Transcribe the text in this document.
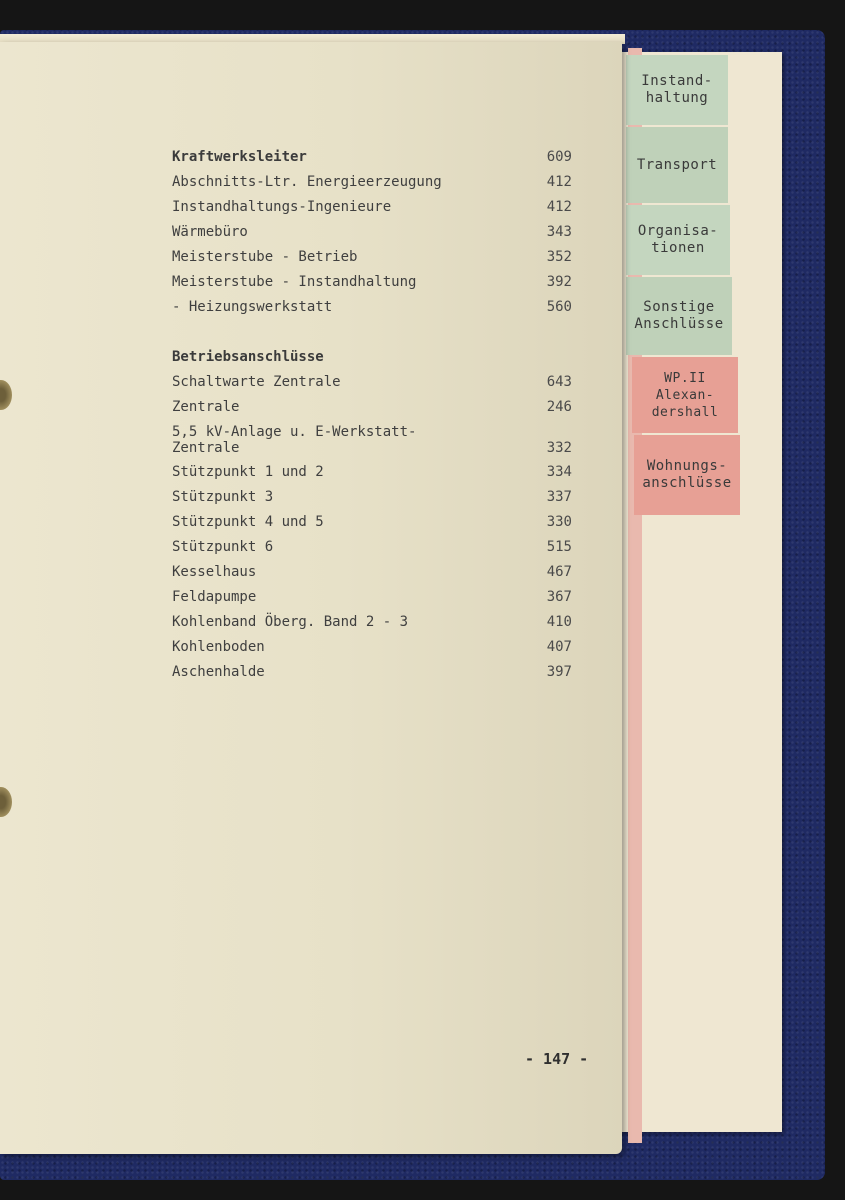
Instand-
haltung
Transport
Organisa-
tionen
Sonstige
Anschlüsse
WP.II
Alexan-
dershall
Wohnungs-
anschlüsse
Kraftwerksleiter	609
Abschnitts-Ltr. Energieerzeugung	412
Instandhaltungs-Ingenieure	412
Wärmebüro	343
Meisterstube - Betrieb	352
Meisterstube - Instandhaltung	392
- Heizungswerkstatt	560
Betriebsanschlüsse
Schaltwarte Zentrale	643
Zentrale	246
5,5 kV-Anlage u. E-Werkstatt-
Zentrale	332
Stützpunkt 1 und 2	334
Stützpunkt 3	337
Stützpunkt 4 und 5	330
Stützpunkt 6	515
Kesselhaus	467
Feldapumpe	367
Kohlenband Öberg. Band 2 - 3	410
Kohlenboden	407
Aschenhalde	397
- 147 -
